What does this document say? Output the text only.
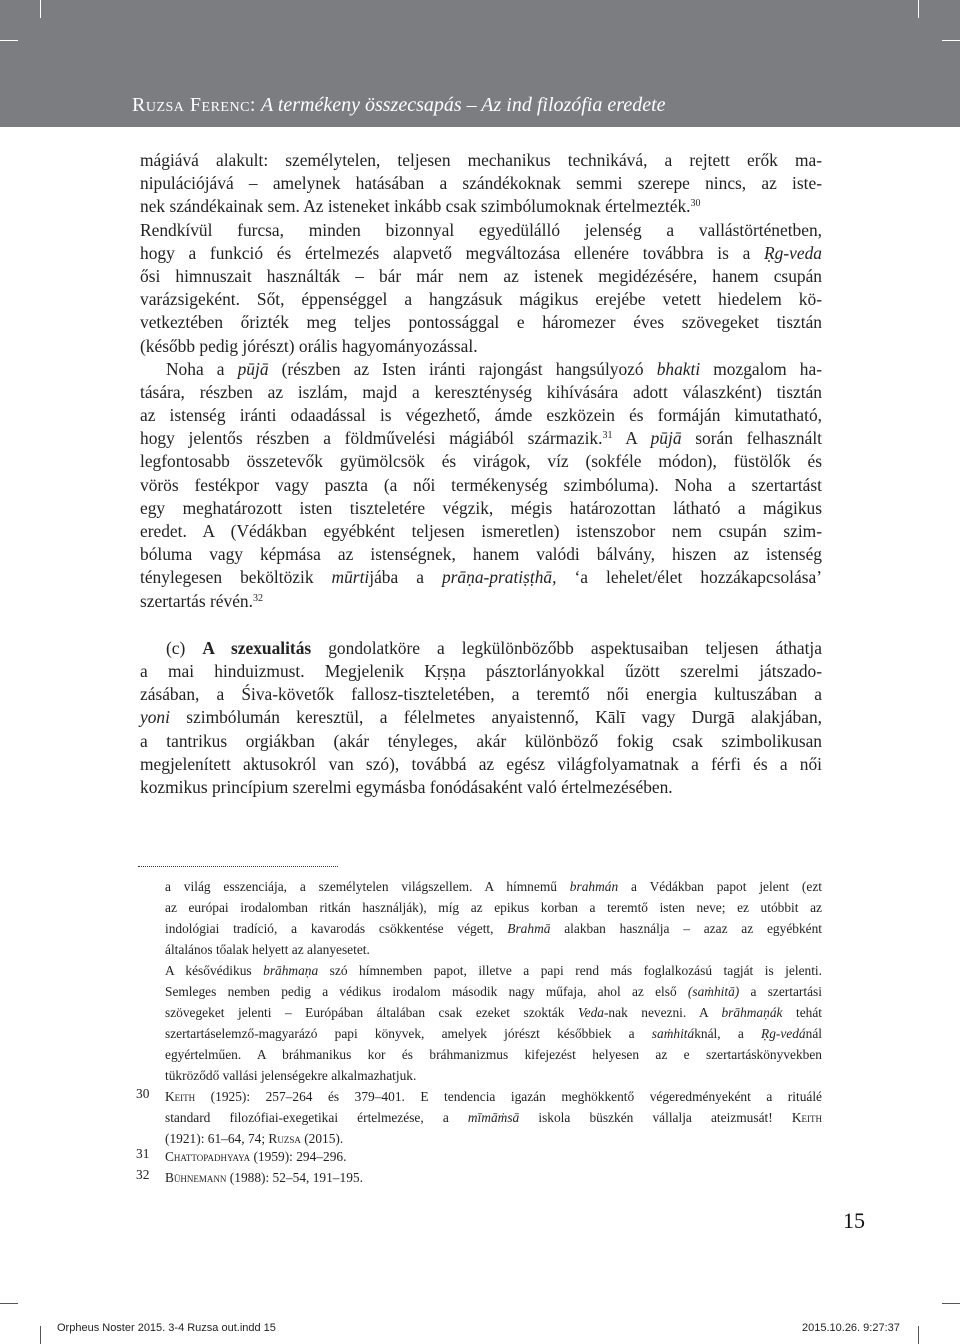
Ruzsa Ferenc: A termékeny összecsapás – Az ind filozófia eredete
mágiává alakult: személytelen, teljesen mechanikus technikává, a rejtett erők ma-
nipulációjává – amelynek hatásában a szándékoknak semmi szerepe nincs, az iste-
nek szándékainak sem. Az isteneket inkább csak szimbólumoknak értelmezték.$^{30}$
Rendkívül furcsa, minden bizonnyal egyedülálló jelenség a vallástörténetben,
hogy a funkció és értelmezés alapvető megváltozása ellenére továbbra is a Ṛg-veda
ősi himnuszait használták – bár már nem az istenek megidézésére, hanem csupán
varázsigeként. Sőt, éppenséggel a hangzásuk mágikus erejébe vetett hiedelem kö-
vetkeztében őrizték meg teljes pontossággal e háromezer éves szövegeket tisztán
(később pedig jórészt) orális hagyományozással.
Noha a pūjā (részben az Isten iránti rajongást hangsúlyozó bhakti mozgalom ha-
tására, részben az iszlám, majd a kereszténység kihívására adott válaszként) tisztán
az istenség iránti odaadással is végezhető, ámde eszközein és formáján kimutatható,
hogy jelentős részben a földművelési mágiából származik.$^{31}$ A pūjā során felhasznált
legfontosabb összetevők gyümölcsök és virágok, víz (sokféle módon), füstölők és
vörös festékpor vagy paszta (a női termékenység szimbóluma). Noha a szertartást
egy meghatározott isten tiszteletére végzik, mégis határozottan látható a mágikus
eredet. A (Védákban egyébként teljesen ismeretlen) istenszobor nem csupán szim-
bóluma vagy képmása az istenségnek, hanem valódi bálvány, hiszen az istenség
ténylegesen beköltözik mūrtijába a prāṇa-pratiṣṭhā, ‘a lehelet/élet hozzákapcsolása’
szertartás révén.$^{32}$
(c) A szexualitás gondolatköre a legkülönbözőbb aspektusaiban teljesen áthatja
a mai hinduizmust. Megjelenik Kṛṣṇa pásztorlányokkal űzött szerelmi játszado-
zásában, a Śiva-követők fallosz-tiszteletében, a teremtő női energia kultuszában a
yoni szimbólumán keresztül, a félelmetes anyaistennő, Kālī vagy Durgā alakjában,
a tantrikus orgiákban (akár tényleges, akár különböző fokig csak szimbolikusan
megjelenített aktusokról van szó), továbbá az egész világfolyamatnak a férfi és a női
kozmikus princípium szerelmi egymásba fonódásaként való értelmezésében.
a világ esszenciája, a személytelen világszellem. A hímnemű brahmán a Védákban papot jelent (ezt
az európai irodalomban ritkán használják), míg az epikus korban a teremtő isten neve; ez utóbbit az
indológiai tradíció, a kavarodás csökkentése végett, Brahmā alakban használja – azaz az egyébként
általános tőalak helyett az alanyesetet.
A késővédikus brāhmaṇa szó hímnemben papot, illetve a papi rend más foglalkozású tagját is jelenti.
Semleges nemben pedig a védikus irodalom második nagy műfaja, ahol az első (saṁhitā) a szertartási
szövegeket jelenti – Európában általában csak ezeket szokták Veda-nak nevezni. A brāhmaṇák tehát
szertartáselemző-magyarázó papi könyvek, amelyek jórészt későbbiek a saṁhitáknál, a Ṛg-vedánál
egyértelműen. A bráhmanikus kor és bráhmanizmus kifejezést helyesen az e szertartáskönyvekben
tükröződő vallási jelenségekre alkalmazhatjuk.
30 Keith (1925): 257–264 és 379–401. E tendencia igazán meghökkentő végeredményeként a rituálé
standard filozófiai-exegetikai értelmezése, a mīmāṁsā iskola büszkén vállalja ateizmusát! Keith
(1921): 61–64, 74; Ruzsa (2015).
31 Chattopadhyaya (1959): 294–296.
32 Bühnemann (1988): 52–54, 191–195.
15
Orpheus Noster 2015. 3-4 Ruzsa out.indd 15	2015.10.26. 9:27:37
